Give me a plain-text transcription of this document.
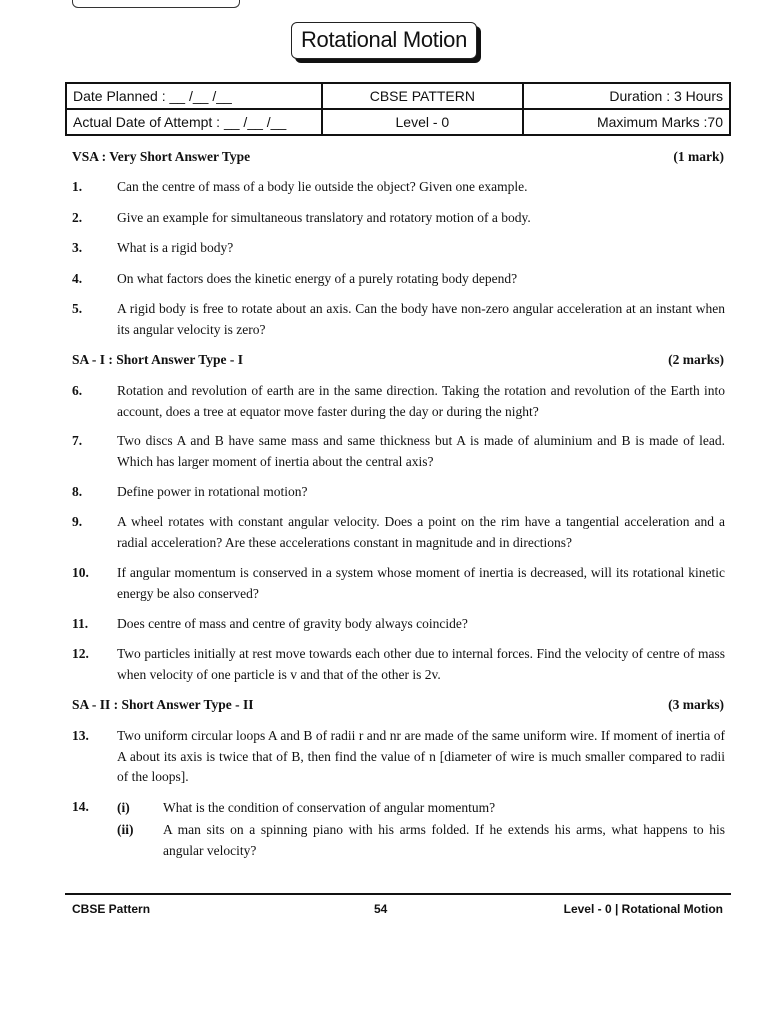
Rotational Motion
Date Planned : __ /__ /__	CBSE PATTERN	Duration : 3 Hours
Actual Date of Attempt : __ /__ /__	Level - 0	Maximum Marks :70
VSA : Very Short Answer Type	(1 mark)
1.	Can the centre of mass of a body lie outside the object? Given one example.
2.	Give an example for simultaneous translatory and rotatory motion of a body.
3.	What is a rigid body?
4.	On what factors does the kinetic energy of a purely rotating body depend?
5.	A rigid body is free to rotate about an axis. Can the body have non-zero angular acceleration at an instant when its angular velocity is zero?
SA - I : Short Answer Type - I	(2 marks)
6.	Rotation and revolution of earth are in the same direction. Taking the rotation and revolution of the Earth into account, does a tree at equator move faster during the day or during the night?
7.	Two discs A and B have same mass and same thickness but A is made of aluminium and B is made of lead. Which has larger moment of inertia about the central axis?
8.	Define power in rotational motion?
9.	A wheel rotates with constant angular velocity. Does a point on the rim have a tangential acceleration and a radial acceleration? Are these accelerations constant in magnitude and in directions?
10. If angular momentum is conserved in a system whose moment of inertia is decreased, will its rotational kinetic energy be also conserved?
11. Does centre of mass and centre of gravity body always coincide?
12. Two particles initially at rest move towards each other due to internal forces. Find the velocity of centre of mass when velocity of one particle is v and that of the other is 2v.
SA - II : Short Answer Type - II	(3 marks)
13. Two uniform circular loops A and B of radii r and nr are made of the same uniform wire. If moment of inertia of A about its axis is twice that of B, then find the value of n [diameter of wire is much smaller compared to radii of the loops].
14. (i) What is the condition of conservation of angular momentum?
(ii) A man sits on a spinning piano with his arms folded. If he extends his arms, what happens to his angular velocity?
CBSE Pattern	54	Level - 0 | Rotational Motion
